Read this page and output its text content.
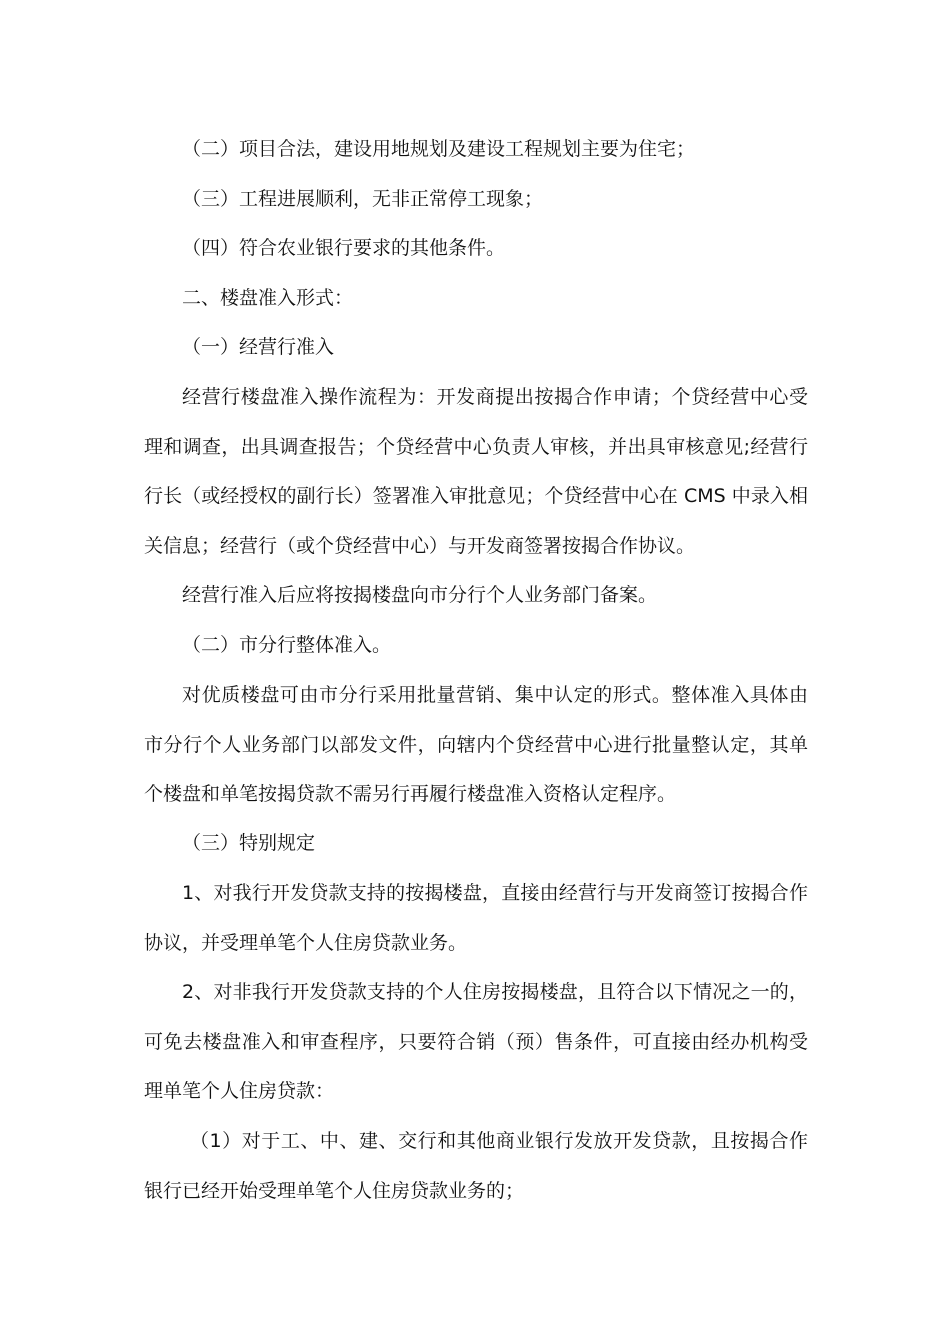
（二）项目合法，建设用地规划及建设工程规划主要为住宅；

（三）工程进展顺利，无非正常停工现象；

（四）符合农业银行要求的其他条件。

二、楼盘准入形式：

（一）经营行准入

经营行楼盘准入操作流程为：开发商提出按揭合作申请；个贷经营中心受理和调查，出具调查报告；个贷经营中心负责人审核，并出具审核意见;经营行行长（或经授权的副行长）签署准入审批意见；个贷经营中心在 CMS 中录入相关信息；经营行（或个贷经营中心）与开发商签署按揭合作协议。

经营行准入后应将按揭楼盘向市分行个人业务部门备案。

（二）市分行整体准入。

对优质楼盘可由市分行采用批量营销、集中认定的形式。整体准入具体由市分行个人业务部门以部发文件，向辖内个贷经营中心进行批量整认定，其单个楼盘和单笔按揭贷款不需另行再履行楼盘准入资格认定程序。

（三）特别规定

1、对我行开发贷款支持的按揭楼盘，直接由经营行与开发商签订按揭合作协议，并受理单笔个人住房贷款业务。

2、对非我行开发贷款支持的个人住房按揭楼盘，且符合以下情况之一的，可免去楼盘准入和审查程序，只要符合销（预）售条件，可直接由经办机构受理单笔个人住房贷款：

（1）对于工、中、建、交行和其他商业银行发放开发贷款，且按揭合作银行已经开始受理单笔个人住房贷款业务的；
